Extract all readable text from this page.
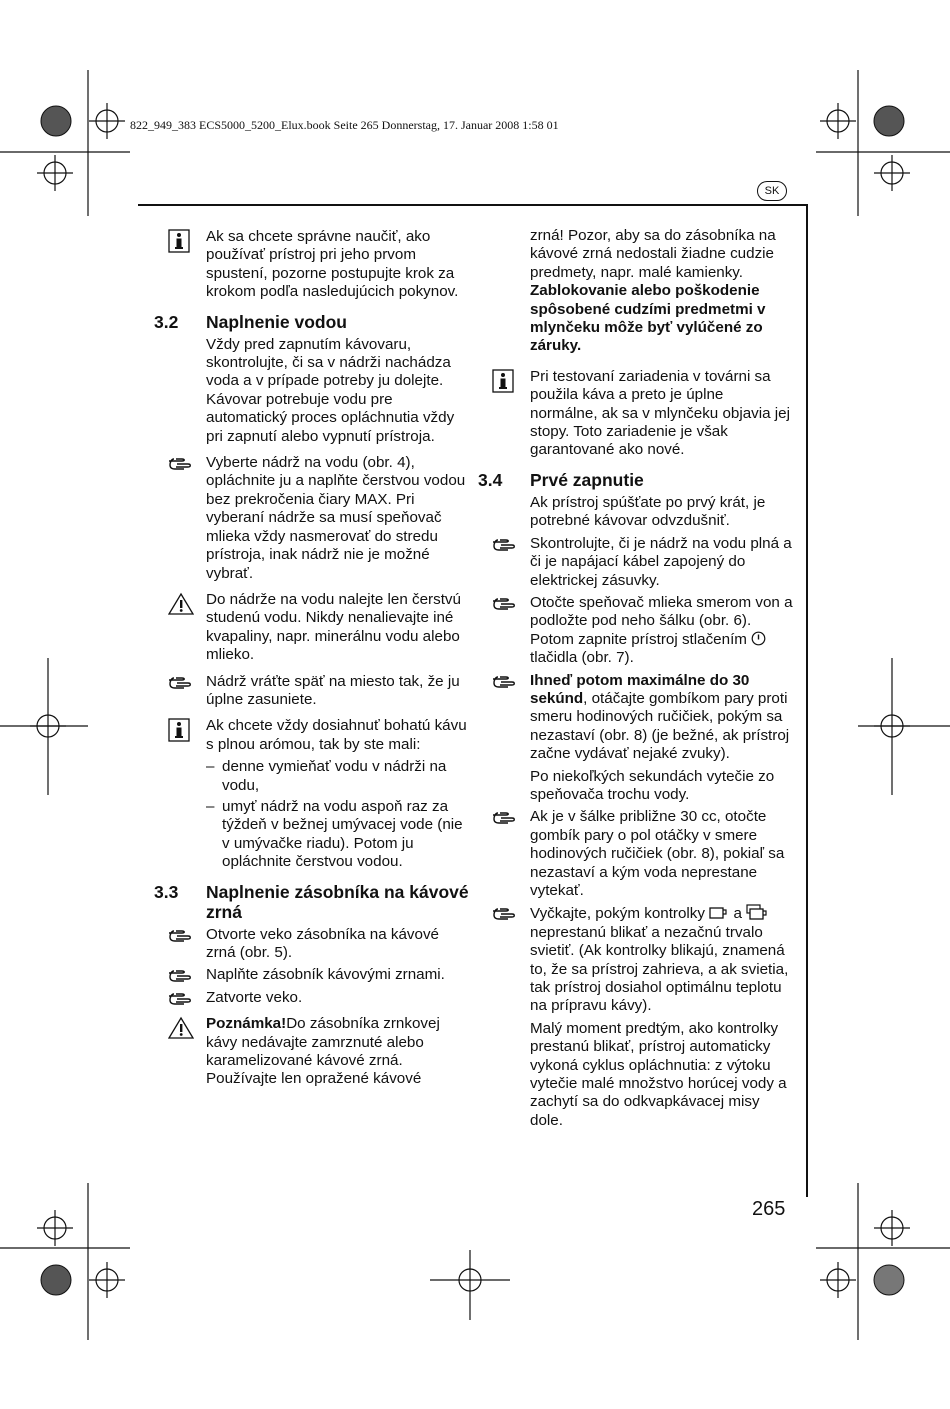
822_949_383 ECS5000_5200_Elux.book Seite 265 Donnerstag, 17. Januar 2008 1:58 01
SK
265
Ak sa chcete správne naučiť, ako používať prístroj pri jeho prvom spustení, pozorne postupujte krok za krokom podľa nasledujúcich pokynov.
3.2 Naplnenie vodou
Vždy pred zapnutím kávovaru, skontrolujte, či sa v nádrži nachádza voda a v prípade potreby ju dolejte. Kávovar potrebuje vodu pre automatický proces opláchnutia vždy pri zapnutí alebo vypnutí prístroja.
Vyberte nádrž na vodu (obr. 4), opláchnite ju a naplňte čerstvou vodou bez prekročenia čiary MAX. Pri vyberaní nádrže sa musí speňovač mlieka vždy nasmerovať do stredu prístroja, inak nádrž nie je možné vybrať.
Do nádrže na vodu nalejte len čerstvú studenú vodu. Nikdy nenalievajte iné kvapaliny, napr. minerálnu vodu alebo mlieko.
Nádrž vráťte späť na miesto tak, že ju úplne zasuniete.
Ak chcete vždy dosiahnuť bohatú kávu s plnou arómou, tak by ste mali:
– denne vymieňať vodu v nádrži na vodu,
– umyť nádrž na vodu aspoň raz za týždeň v bežnej umývacej vode (nie v umývačke riadu). Potom ju opláchnite čerstvou vodou.
3.3 Naplnenie zásobníka na kávové zrná
Otvorte veko zásobníka na kávové zrná (obr. 5).
Naplňte zásobník kávovými zrnami.
Zatvorte veko.
Poznámka!Do zásobníka zrnkovej kávy nedávajte zamrznuté alebo karamelizované kávové zrná. Používajte len opražené kávové
zrná! Pozor, aby sa do zásobníka na kávové zrná nedostali žiadne cudzie predmety, napr. malé kamienky. Zablokovanie alebo poškodenie spôsobené cudzími predmetmi v mlynčeku môže byť vylúčené zo záruky.
Pri testovaní zariadenia v továrni sa použila káva a preto je úplne normálne, ak sa v mlynčeku objavia jej stopy. Toto zariadenie je však garantované ako nové.
3.4 Prvé zapnutie
Ak prístroj spúšťate po prvý krát, je potrebné kávovar odvzdušniť.
Skontrolujte, či je nádrž na vodu plná a či je napájací kábel zapojený do elektrickej zásuvky.
Otočte speňovač mlieka smerom von a podložte pod neho šálku (obr. 6). Potom zapnite prístroj stlačením  tlačidla (obr. 7).
Ihneď potom maximálne do 30 sekúnd, otáčajte gombíkom pary proti smeru hodinových ručičiek, pokým sa nezastaví (obr. 8) (je bežné, ak prístroj začne vydávať nejaké zvuky).
Po niekoľkých sekundách vytečie zo speňovača trochu vody.
Ak je v šálke približne 30 cc, otočte gombík pary o pol otáčky v smere hodinových ručičiek (obr. 8), pokiaľ sa nezastaví a kým voda neprestane vytekať.
Vyčkajte, pokým kontrolky  a  neprestanú blikať a nezačnú trvalo svietiť. (Ak kontrolky blikajú, znamená to, že sa prístroj zahrieva, a ak svietia, tak prístroj dosiahol optimálnu teplotu na prípravu kávy).
Malý moment predtým, ako kontrolky prestanú blikať, prístroj automaticky vykoná cyklus opláchnutia: z výtoku vytečie malé množstvo horúcej vody a zachytí sa do odkvapkávacej misy dole.
